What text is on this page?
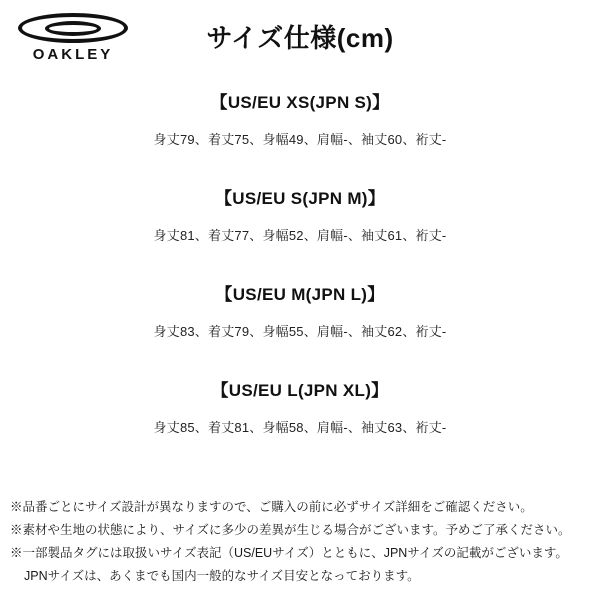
OAKLEY
サイズ仕様(cm)
【US/EU XS(JPN S)】
身丈79、着丈75、身幅49、肩幅-、袖丈60、裄丈-
【US/EU S(JPN M)】
身丈81、着丈77、身幅52、肩幅-、袖丈61、裄丈-
【US/EU M(JPN L)】
身丈83、着丈79、身幅55、肩幅-、袖丈62、裄丈-
【US/EU L(JPN XL)】
身丈85、着丈81、身幅58、肩幅-、袖丈63、裄丈-
※品番ごとにサイズ設計が異なりますので、ご購入の前に必ずサイズ詳細をご確認ください。
※素材や生地の状態により、サイズに多少の差異が生じる場合がございます。予めご了承ください。
※一部製品タグには取扱いサイズ表記（US/EUサイズ）とともに、JPNサイズの記載がございます。
JPNサイズは、あくまでも国内一般的なサイズ目安となっております。
